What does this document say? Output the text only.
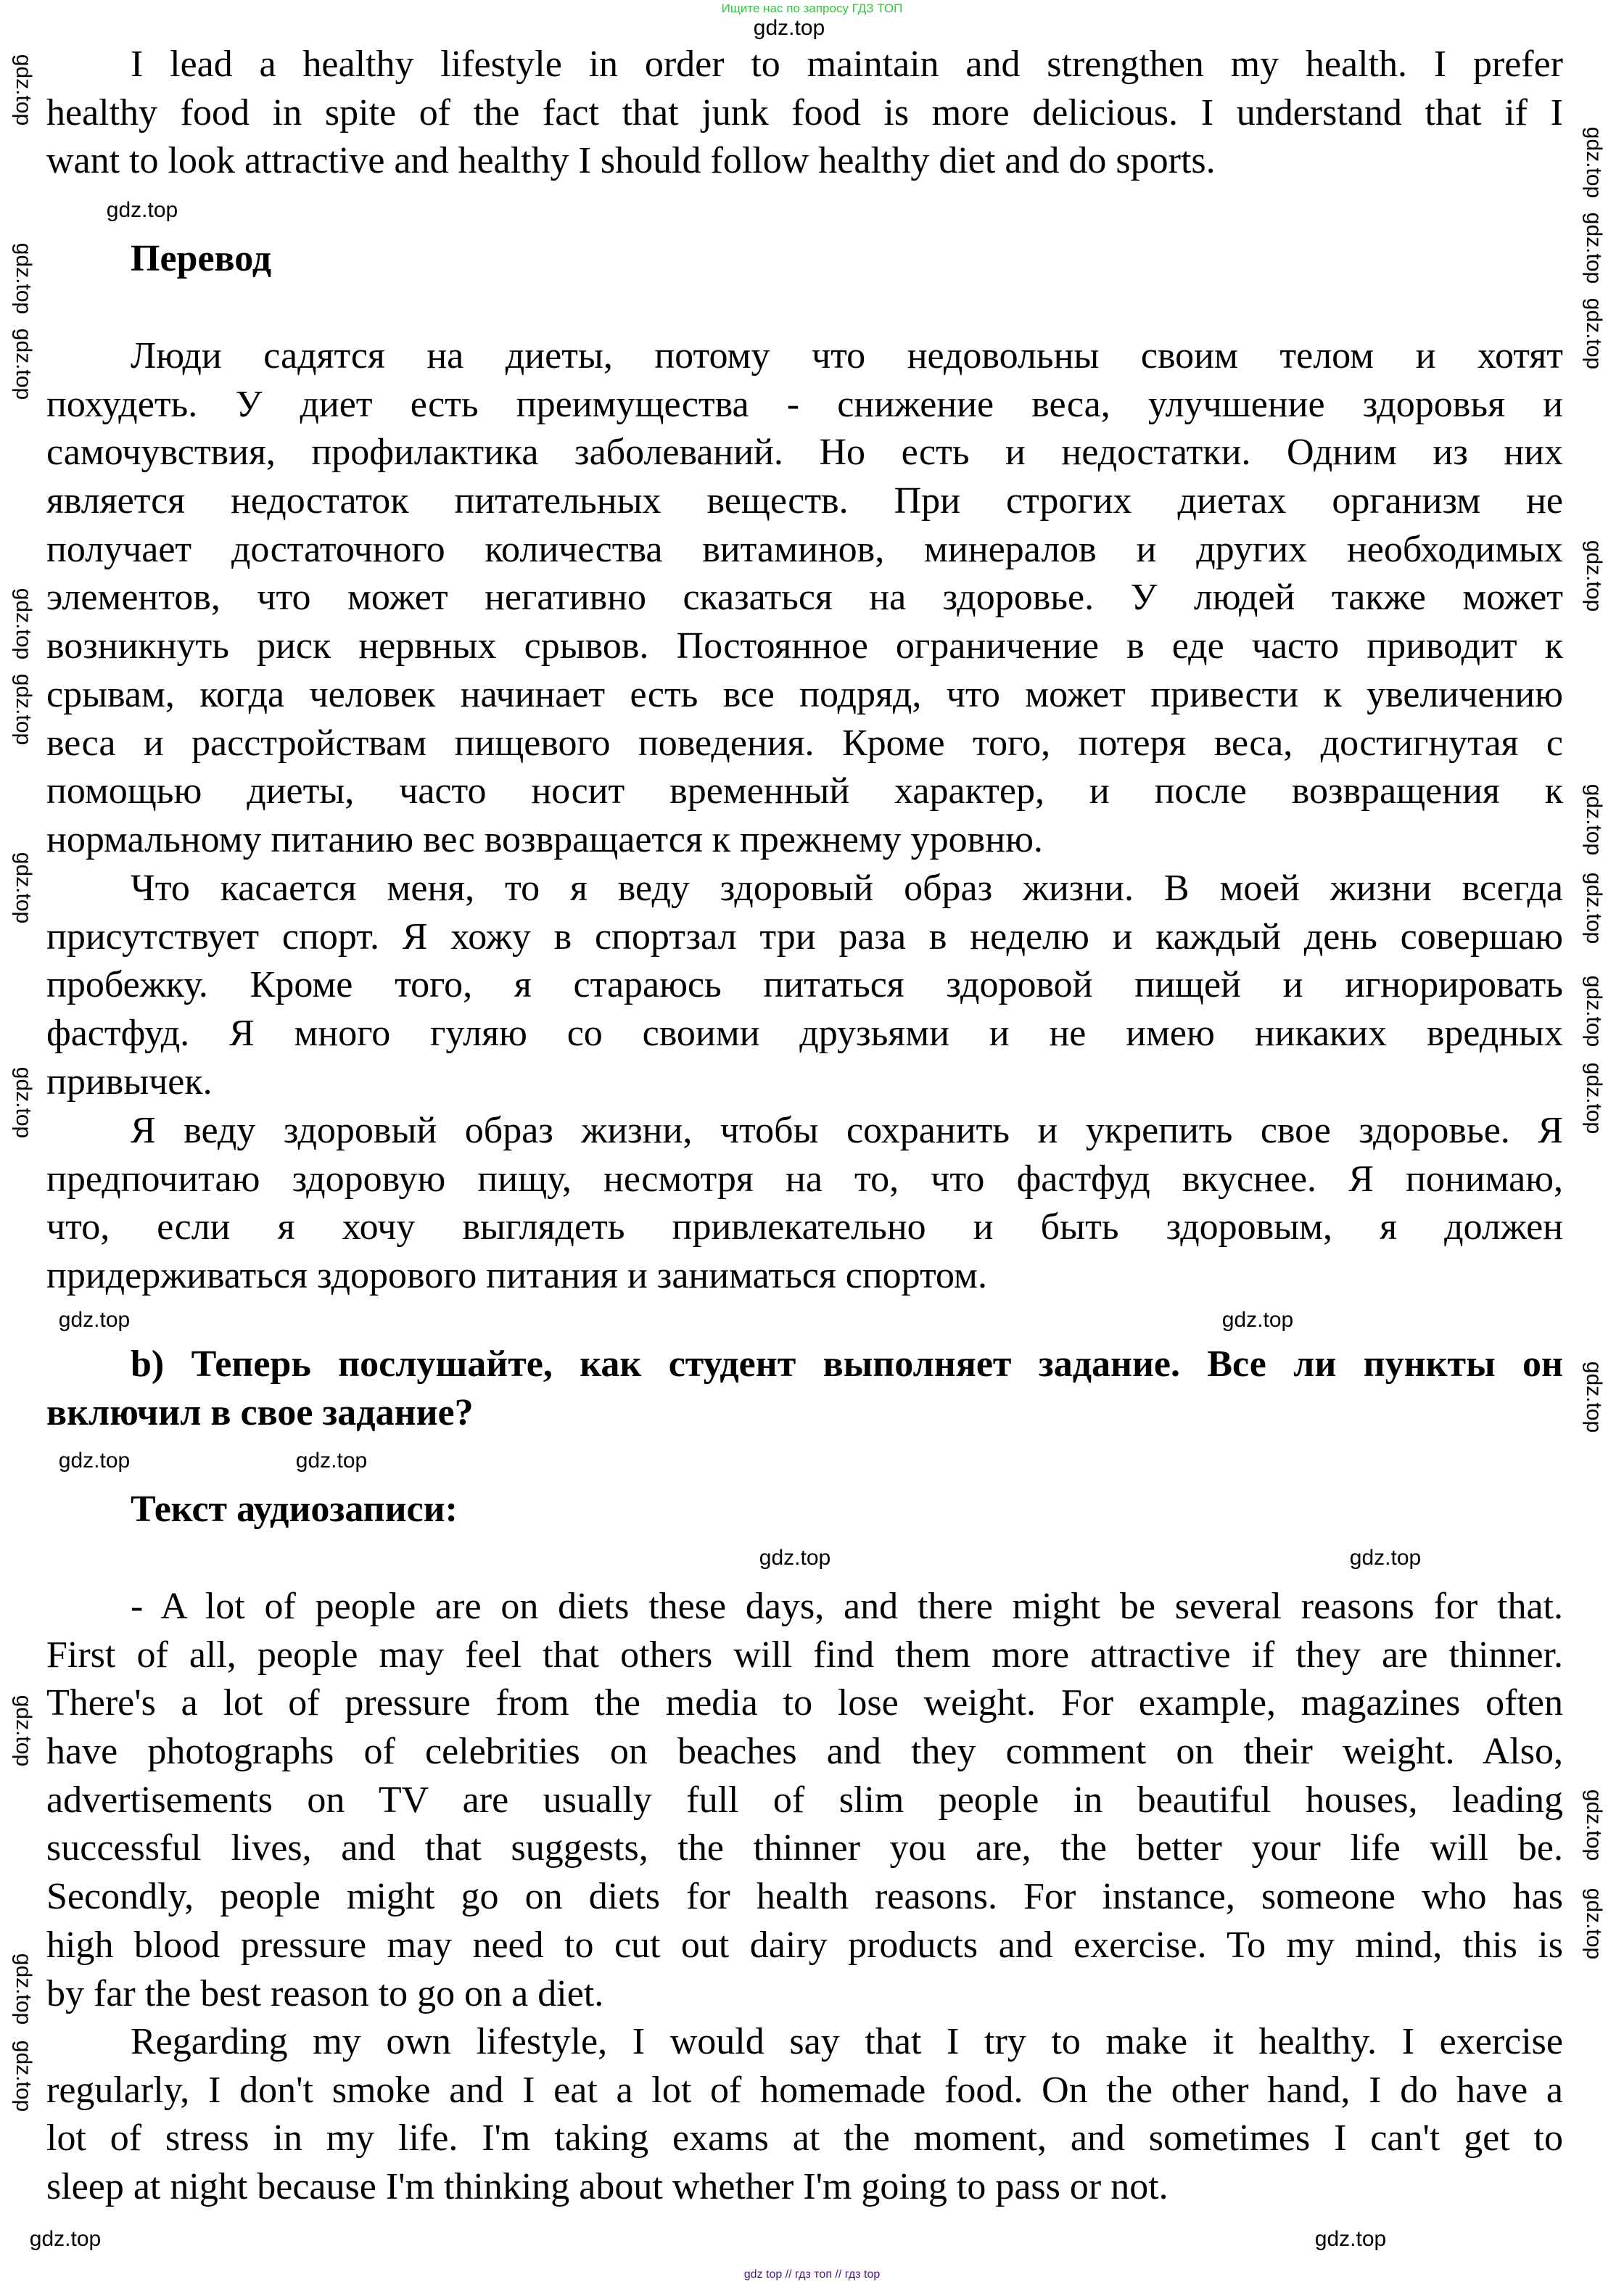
Ищите нас по запросу ГДЗ ТОП
I lead a healthy lifestyle in order to maintain and strengthen my health. I prefer
healthy food in spite of the fact that junk food is more delicious. I understand that if I
want to look attractive and healthy I should follow healthy diet and do sports.
Перевод
Люди садятся на диеты, потому что недовольны своим телом и хотят
похудеть. У диет есть преимущества - снижение веса, улучшение здоровья и
самочувствия, профилактика заболеваний. Но есть и недостатки. Одним из них
является недостаток питательных веществ. При строгих диетах организм не
получает достаточного количества витаминов, минералов и других необходимых
элементов, что может негативно сказаться на здоровье. У людей также может
возникнуть риск нервных срывов. Постоянное ограничение в еде часто приводит к
срывам, когда человек начинает есть все подряд, что может привести к увеличению
веса и расстройствам пищевого поведения. Кроме того, потеря веса, достигнутая с
помощью диеты, часто носит временный характер, и после возвращения к
нормальному питанию вес возвращается к прежнему уровню.
Что касается меня, то я веду здоровый образ жизни. В моей жизни всегда
присутствует спорт. Я хожу в спортзал три раза в неделю и каждый день совершаю
пробежку. Кроме того, я стараюсь питаться здоровой пищей и игнорировать
фастфуд. Я много гуляю со своими друзьями и не имею никаких вредных
привычек.
Я веду здоровый образ жизни, чтобы сохранить и укрепить свое здоровье. Я
предпочитаю здоровую пищу, несмотря на то, что фастфуд вкуснее. Я понимаю,
что, если я хочу выглядеть привлекательно и быть здоровым, я должен
придерживаться здорового питания и заниматься спортом.
b) Теперь послушайте, как студент выполняет задание. Все ли пункты он
включил в свое задание?
Текст аудиозаписи:
- A lot of people are on diets these days, and there might be several reasons for that.
First of all, people may feel that others will find them more attractive if they are thinner.
There's a lot of pressure from the media to lose weight. For example, magazines often
have photographs of celebrities on beaches and they comment on their weight. Also,
advertisements on TV are usually full of slim people in beautiful houses, leading
successful lives, and that suggests, the thinner you are, the better your life will be.
Secondly, people might go on diets for health reasons. For instance, someone who has
high blood pressure may need to cut out dairy products and exercise. To my mind, this is
by far the best reason to go on a diet.
Regarding my own lifestyle, I would say that I try to make it healthy. I exercise
regularly, I don't smoke and I eat a lot of homemade food. On the other hand, I do have a
lot of stress in my life. I'm taking exams at the moment, and sometimes I can't get to
sleep at night because I'm thinking about whether I'm going to pass or not.
gdz.top
gdz.top
gdz.top
gdz.top
gdz.top	gdz.top
gdz.top	gdz.top
gdz.top	gdz.top
gdz.top
gdz.top
gdz.top
gdz.top
gdz.top
gdz.top
gdz.top
gdz.top
gdz.top
gdz.top
gdz.top
gdz.top
gdz.top
gdz.top
gdz.top
gdz.top
gdz.top
gdz.top
gdz.top
gdz.top
gdz.top
gdz top // гдз топ // гдз top
